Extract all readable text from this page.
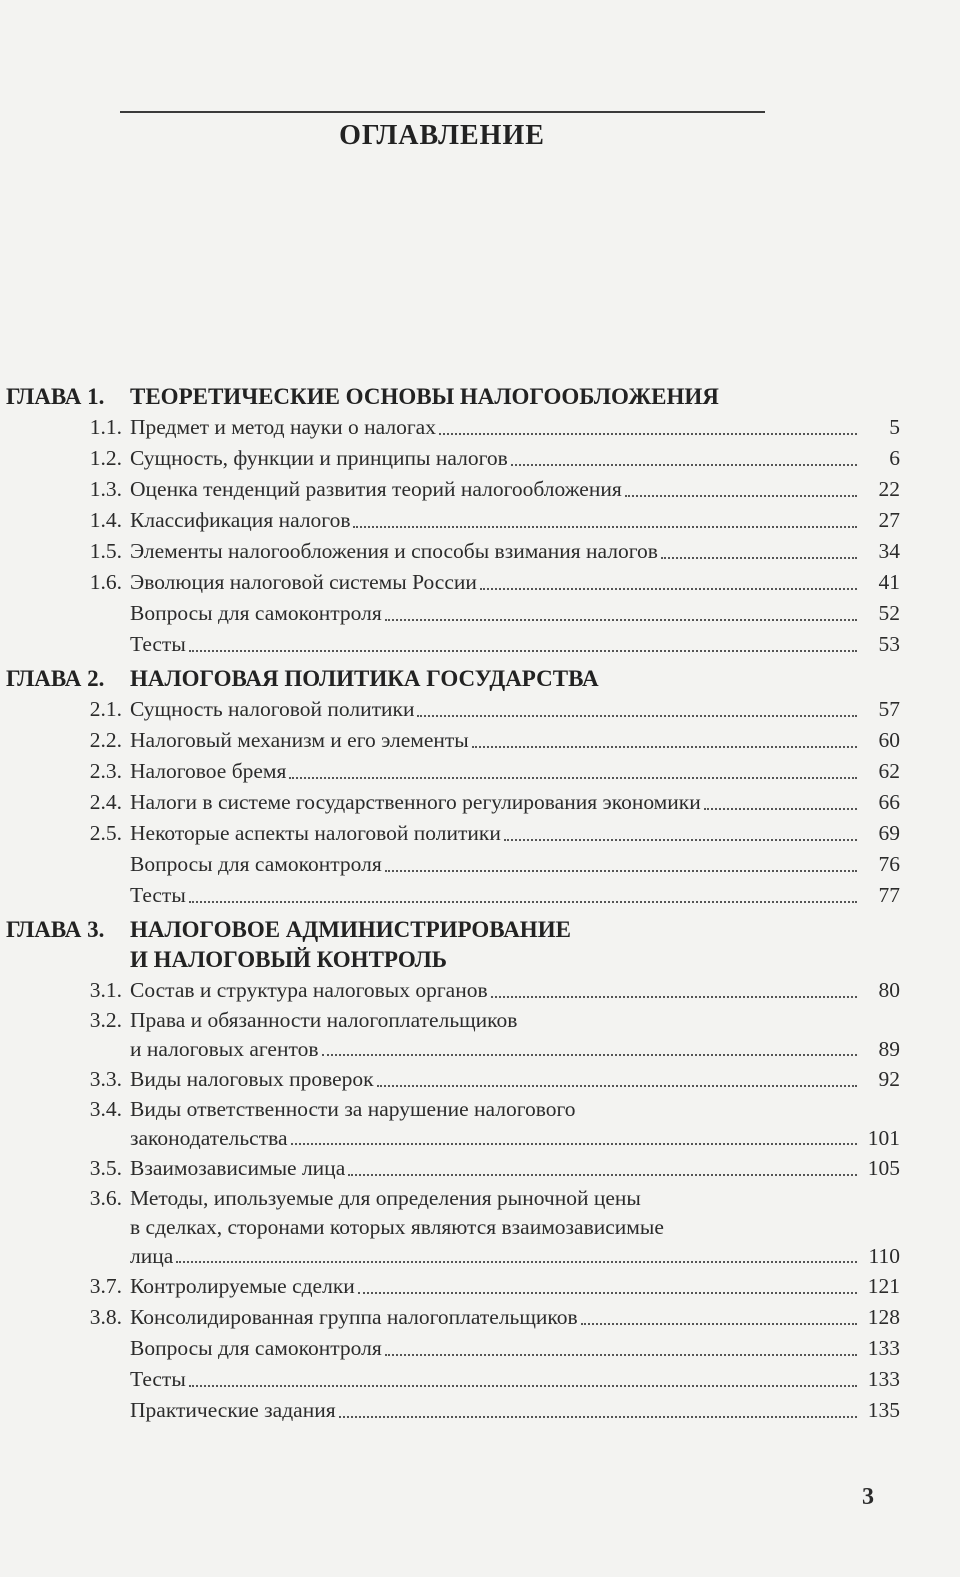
ОГЛАВЛЕНИЕ
ГЛАВА 1.	ТЕОРЕТИЧЕСКИЕ ОСНОВЫ НАЛОГООБЛОЖЕНИЯ
1.1. Предмет и метод науки о налогах	5
1.2. Сущность, функции и принципы налогов	6
1.3. Оценка тенденций развития теорий налогообложения	22
1.4. Классификация налогов	27
1.5. Элементы налогообложения и способы взимания налогов	34
1.6. Эволюция налоговой системы России	41
Вопросы для самоконтроля	52
Тесты	53
ГЛАВА 2.	НАЛОГОВАЯ ПОЛИТИКА ГОСУДАРСТВА
2.1. Сущность налоговой политики	57
2.2. Налоговый механизм и его элементы	60
2.3. Налоговое бремя	62
2.4. Налоги в системе государственного регулирования экономики	66
2.5. Некоторые аспекты налоговой политики	69
Вопросы для самоконтроля	76
Тесты	77
ГЛАВА 3.	НАЛОГОВОЕ АДМИНИСТРИРОВАНИЕ
И НАЛОГОВЫЙ КОНТРОЛЬ
3.1. Состав и структура налоговых органов	80
3.2. Права и обязанности налогоплательщиков
и налоговых агентов	89
3.3. Виды налоговых проверок	92
3.4. Виды ответственности за нарушение налогового
законодательства	101
3.5. Взаимозависимые лица	105
3.6. Методы, ипользуемые для определения рыночной цены
в сделках, сторонами которых являются взаимозависимые
лица	110
3.7. Контролируемые сделки	121
3.8. Консолидированная группа налогоплательщиков	128
Вопросы для самоконтроля	133
Тесты	133
Практические задания	135
3
